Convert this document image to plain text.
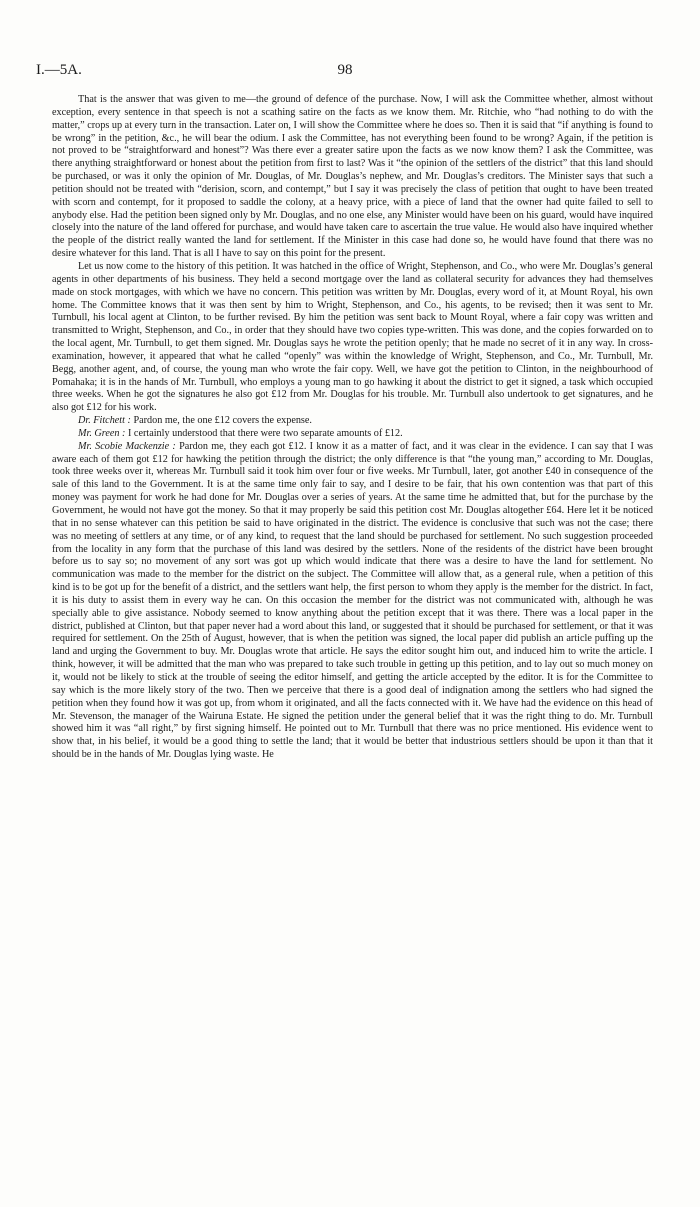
I.—5A.	98

That is the answer that was given to me—the ground of defence of the purchase. Now, I will ask the Committee whether, almost without exception, every sentence in that speech is not a scathing satire on the facts as we know them. Mr. Ritchie, who “had nothing to do with the matter,” crops up at every turn in the transaction. Later on, I will show the Committee where he does so. Then it is said that “if anything is found to be wrong” in the petition, &c., he will bear the odium. I ask the Committee, has not everything been found to be wrong? Again, if the petition is not proved to be “straightforward and honest”? Was there ever a greater satire upon the facts as we now know them? I ask the Committee, was there anything straightforward or honest about the petition from first to last? Was it “the opinion of the settlers of the district” that this land should be purchased, or was it only the opinion of Mr. Douglas, of Mr. Douglas’s nephew, and Mr. Douglas’s creditors. The Minister says that such a petition should not be treated with “derision, scorn, and contempt,” but I say it was precisely the class of petition that ought to have been treated with scorn and contempt, for it proposed to saddle the colony, at a heavy price, with a piece of land that the owner had quite failed to sell to anybody else. Had the petition been signed only by Mr. Douglas, and no one else, any Minister would have been on his guard, would have inquired closely into the nature of the land offered for purchase, and would have taken care to ascertain the true value. He would also have inquired whether the people of the district really wanted the land for settlement. If the Minister in this case had done so, he would have found that there was no desire whatever for this land. That is all I have to say on this point for the present.

Let us now come to the history of this petition. It was hatched in the office of Wright, Stephenson, and Co., who were Mr. Douglas’s general agents in other departments of his business. They held a second mortgage over the land as collateral security for advances they had themselves made on stock mortgages, with which we have no concern. This petition was written by Mr. Douglas, every word of it, at Mount Royal, his own home. The Committee knows that it was then sent by him to Wright, Stephenson, and Co., his agents, to be revised; then it was sent to Mr. Turnbull, his local agent at Clinton, to be further revised. By him the petition was sent back to Mount Royal, where a fair copy was written and transmitted to Wright, Stephenson, and Co., in order that they should have two copies type-written. This was done, and the copies forwarded on to the local agent, Mr. Turnbull, to get them signed. Mr. Douglas says he wrote the petition openly; that he made no secret of it in any way. In cross-examination, however, it appeared that what he called “openly” was within the knowledge of Wright, Stephenson, and Co., Mr. Turnbull, Mr. Begg, another agent, and, of course, the young man who wrote the fair copy. Well, we have got the petition to Clinton, in the neighbourhood of Pomahaka; it is in the hands of Mr. Turnbull, who employs a young man to go hawking it about the district to get it signed, a task which occupied three weeks. When he got the signatures he also got £12 from Mr. Douglas for his trouble. Mr. Turnbull also undertook to get signatures, and he also got £12 for his work.

Dr. Fitchett : Pardon me, the one £12 covers the expense.

Mr. Green : I certainly understood that there were two separate amounts of £12.

Mr. Scobie Mackenzie : Pardon me, they each got £12. I know it as a matter of fact, and it was clear in the evidence. I can say that I was aware each of them got £12 for hawking the petition through the district; the only difference is that “the young man,” according to Mr. Douglas, took three weeks over it, whereas Mr. Turnbull said it took him over four or five weeks. Mr Turnbull, later, got another £40 in consequence of the sale of this land to the Government. It is at the same time only fair to say, and I desire to be fair, that his own contention was that part of this money was payment for work he had done for Mr. Douglas over a series of years. At the same time he admitted that, but for the purchase by the Government, he would not have got the money. So that it may properly be said this petition cost Mr. Douglas altogether £64. Here let it be noticed that in no sense whatever can this petition be said to have originated in the district. The evidence is conclusive that such was not the case; there was no meeting of settlers at any time, or of any kind, to request that the land should be purchased for settlement. No such suggestion proceeded from the locality in any form that the purchase of this land was desired by the settlers. None of the residents of the district have been brought before us to say so; no movement of any sort was got up which would indicate that there was a desire to have the land for settlement. No communication was made to the member for the district on the subject. The Committee will allow that, as a general rule, when a petition of this kind is to be got up for the benefit of a district, and the settlers want help, the first person to whom they apply is the member for the district. In fact, it is his duty to assist them in every way he can. On this occasion the member for the district was not communicated with, although he was specially able to give assistance. Nobody seemed to know anything about the petition except that it was there. There was a local paper in the district, published at Clinton, but that paper never had a word about this land, or suggested that it should be purchased for settlement, or that it was required for settlement. On the 25th of August, however, that is when the petition was signed, the local paper did publish an article puffing up the land and urging the Government to buy. Mr. Douglas wrote that article. He says the editor sought him out, and induced him to write the article. I think, however, it will be admitted that the man who was prepared to take such trouble in getting up this petition, and to lay out so much money on it, would not be likely to stick at the trouble of seeing the editor himself, and getting the article accepted by the editor. It is for the Committee to say which is the more likely story of the two. Then we perceive that there is a good deal of indignation among the settlers who had signed the petition when they found how it was got up, from whom it originated, and all the facts connected with it. We have had the evidence on this head of Mr. Stevenson, the manager of the Wairuna Estate. He signed the petition under the general belief that it was the right thing to do. Mr. Turnbull showed him it was “all right,” by first signing himself. He pointed out to Mr. Turnbull that there was no price mentioned. His evidence went to show that, in his belief, it would be a good thing to settle the land; that it would be better that industrious settlers should be upon it than that it should be in the hands of Mr. Douglas lying waste. He
